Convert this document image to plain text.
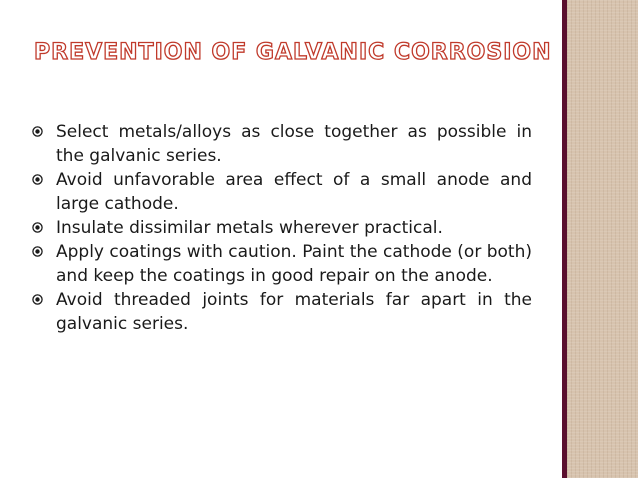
PREVENTION OF GALVANIC CORROSION
Select metals/alloys as close together as possible in the galvanic series.
Avoid unfavorable area effect of a small anode and large cathode.
Insulate dissimilar metals wherever practical.
Apply coatings with caution. Paint the cathode (or both) and keep the coatings in good repair on the anode.
Avoid threaded joints for materials far apart in the galvanic series.
